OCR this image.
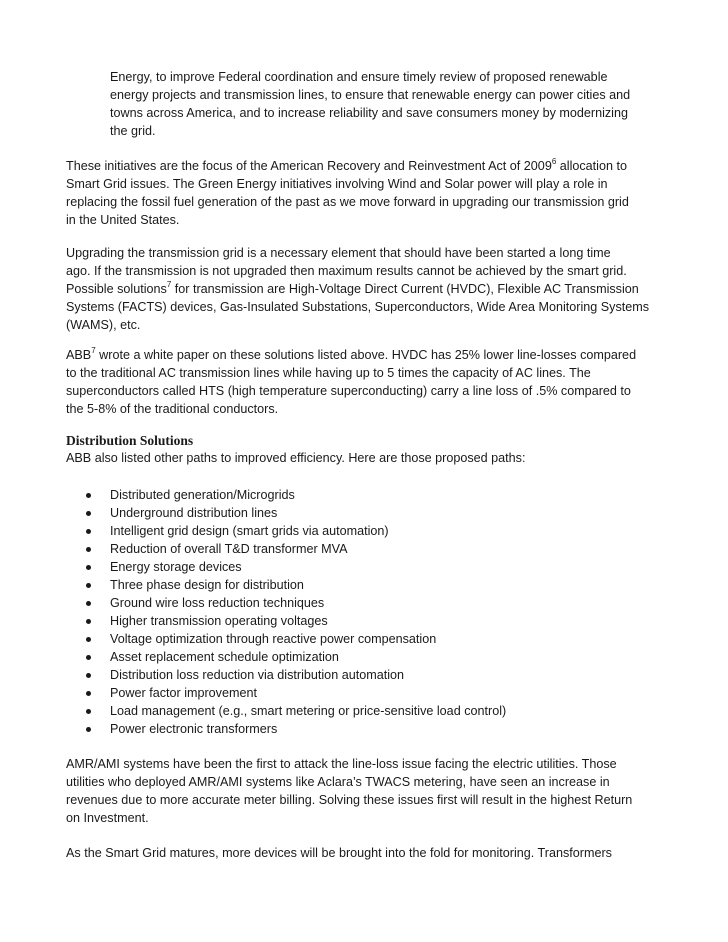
Energy, to improve Federal coordination and ensure timely review of proposed renewable
energy projects and transmission lines, to ensure that renewable energy can power cities and
towns across America, and to increase reliability and save consumers money by modernizing
the grid.
These initiatives are the focus of the American Recovery and Reinvestment Act of 2009$^6$ allocation to
Smart Grid issues. The Green Energy initiatives involving Wind and Solar power will play a role in
replacing the fossil fuel generation of the past as we move forward in upgrading our transmission grid
in the United States.
Upgrading the transmission grid is a necessary element that should have been started a long time
ago. If the transmission is not upgraded then maximum results cannot be achieved by the smart grid.
Possible solutions$^7$ for transmission are High-Voltage Direct Current (HVDC), Flexible AC Transmission
Systems (FACTS) devices, Gas-Insulated Substations, Superconductors, Wide Area Monitoring Systems
(WAMS), etc.
ABB$^7$ wrote a white paper on these solutions listed above. HVDC has 25% lower line-losses compared
to the traditional AC transmission lines while having up to 5 times the capacity of AC lines. The
superconductors called HTS (high temperature superconducting) carry a line loss of .5% compared to
the 5-8% of the traditional conductors.
Distribution Solutions
ABB also listed other paths to improved efficiency. Here are those proposed paths:
Distributed generation/Microgrids
Underground distribution lines
Intelligent grid design (smart grids via automation)
Reduction of overall T&D transformer MVA
Energy storage devices
Three phase design for distribution
Ground wire loss reduction techniques
Higher transmission operating voltages
Voltage optimization through reactive power compensation
Asset replacement schedule optimization
Distribution loss reduction via distribution automation
Power factor improvement
Load management (e.g., smart metering or price-sensitive load control)
Power electronic transformers
AMR/AMI systems have been the first to attack the line-loss issue facing the electric utilities. Those
utilities who deployed AMR/AMI systems like Aclara’s TWACS metering, have seen an increase in
revenues due to more accurate meter billing. Solving these issues first will result in the highest Return
on Investment.
As the Smart Grid matures, more devices will be brought into the fold for monitoring. Transformers
